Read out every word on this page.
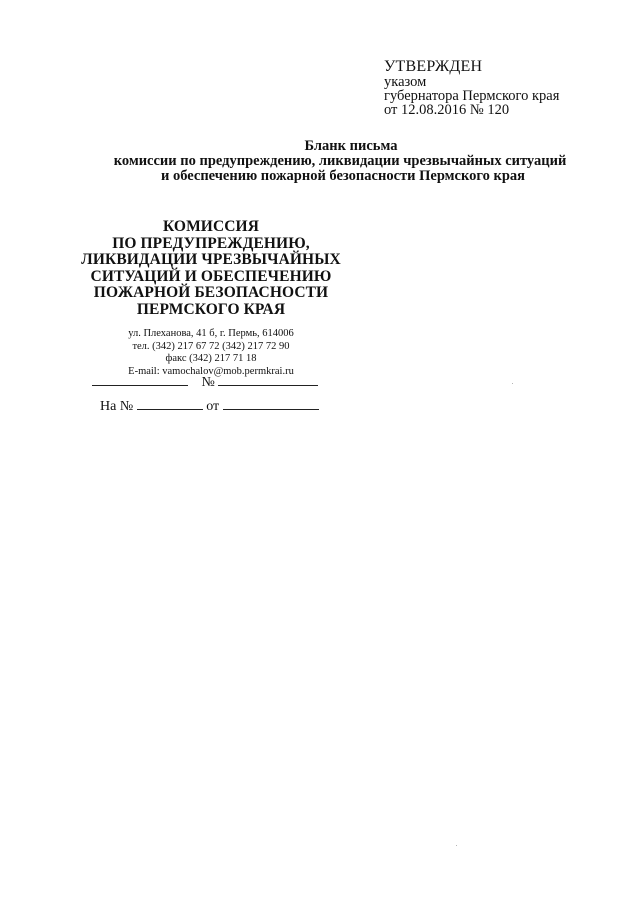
УТВЕРЖДЕН
указом
губернатора Пермского края
от 12.08.2016 № 120
Бланк письма
комиссии по предупреждению, ликвидации чрезвычайных ситуаций
и обеспечению пожарной безопасности Пермского края
КОМИССИЯ
ПО ПРЕДУПРЕЖДЕНИЮ,
ЛИКВИДАЦИИ ЧРЕЗВЫЧАЙНЫХ
СИТУАЦИЙ И ОБЕСПЕЧЕНИЮ
ПОЖАРНОЙ БЕЗОПАСНОСТИ
ПЕРМСКОГО КРАЯ
ул. Плеханова, 41 б, г. Пермь, 614006
тел. (342) 217 67 72 (342) 217 72 90
факс (342) 217 71 18
E-mail: vamochalov@mob.permkrai.ru
№
На №	от
